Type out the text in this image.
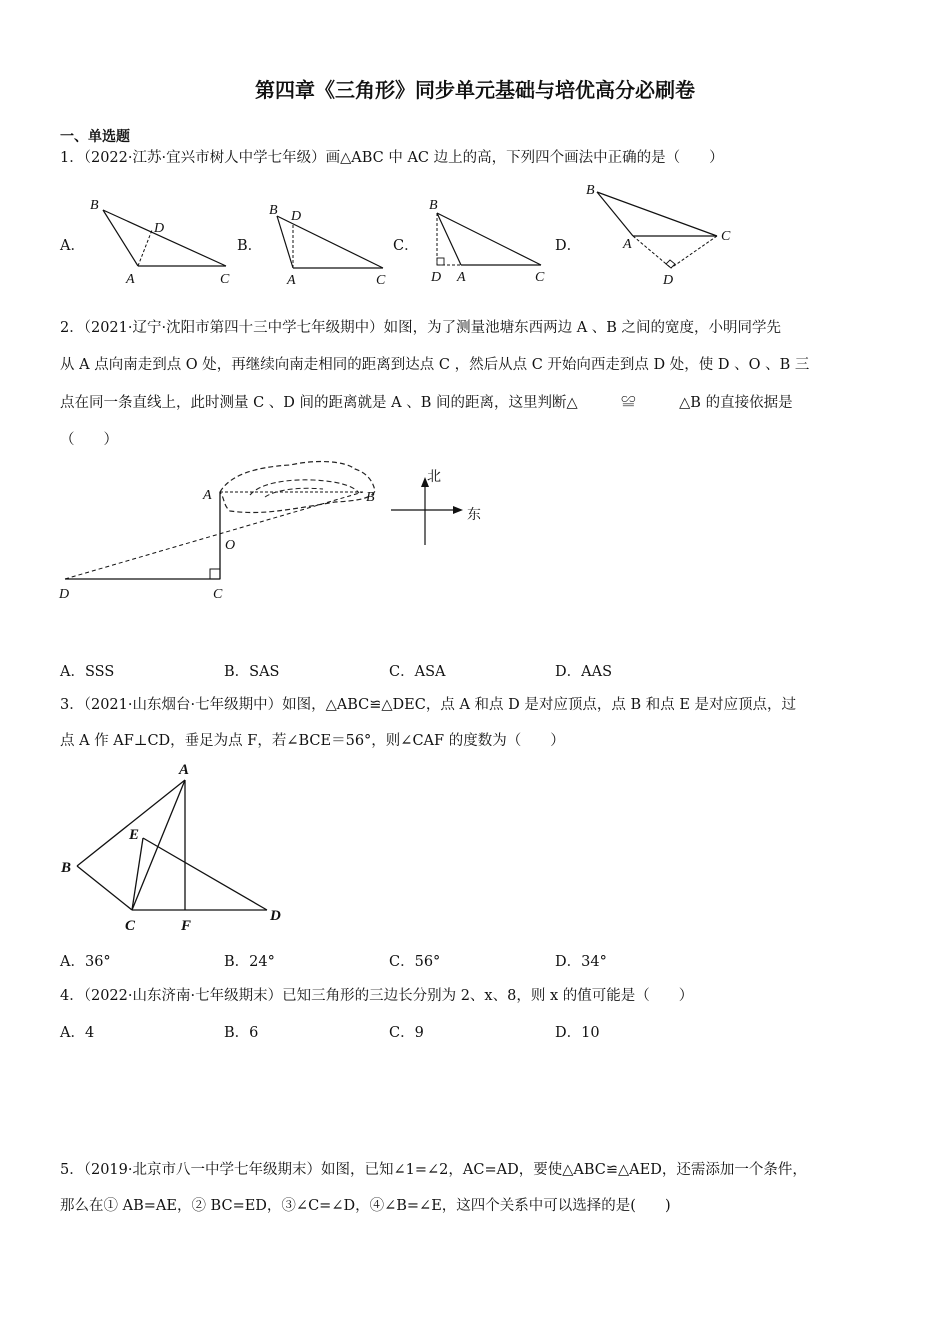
第四章《三角形》同步单元基础与培优高分必刷卷
一、单选题
1．（2022·江苏·宜兴市树人中学七年级）画△ABC 中 AC 边上的高，下列四个画法中正确的是（　　）
A．
B
D
A	C
B．
B D
A	C
C．
B
D A	C
D．
B
A
C
D
2．（2021·辽宁·沈阳市第四十三中学七年级期中）如图，为了测量池塘东西两边 A 、B 之间的宽度，小明同学先
从 A 点向南走到点 O 处，再继续向南走相同的距离到达点 C ，然后从点 C 开始向西走到点 D 处，使 D 、O 、B 三
点在同一条直线上，此时测量 C 、D 间的距离就是 A 、B 间的距离，这里判断△　　　≌　　　△B 的直接依据是
（　　）
A	B
O
D	C
北
东
A．SSS	B．SAS	C．ASA	D．AAS
3．（2021·山东烟台·七年级期中）如图，△ABC≌△DEC，点 A 和点 D 是对应顶点，点 B 和点 E 是对应顶点，过
点 A 作 AF⊥CD，垂足为点 F，若∠BCE＝56°，则∠CAF 的度数为（　　）
A
E
B
C	F
D
A．36°	B．24°	C．56°	D．34°
4．（2022·山东济南·七年级期末）已知三角形的三边长分别为 2、x、8，则 x 的值可能是（　　）
A．4	B．6	C．9	D．10
5．（2019·北京市八一中学七年级期末）如图，已知∠1=∠2，AC=AD，要使△ABC≌△AED，还需添加一个条件，
那么在① AB=AE，② BC=ED，③∠C=∠D，④∠B=∠E，这四个关系中可以选择的是(　　)
